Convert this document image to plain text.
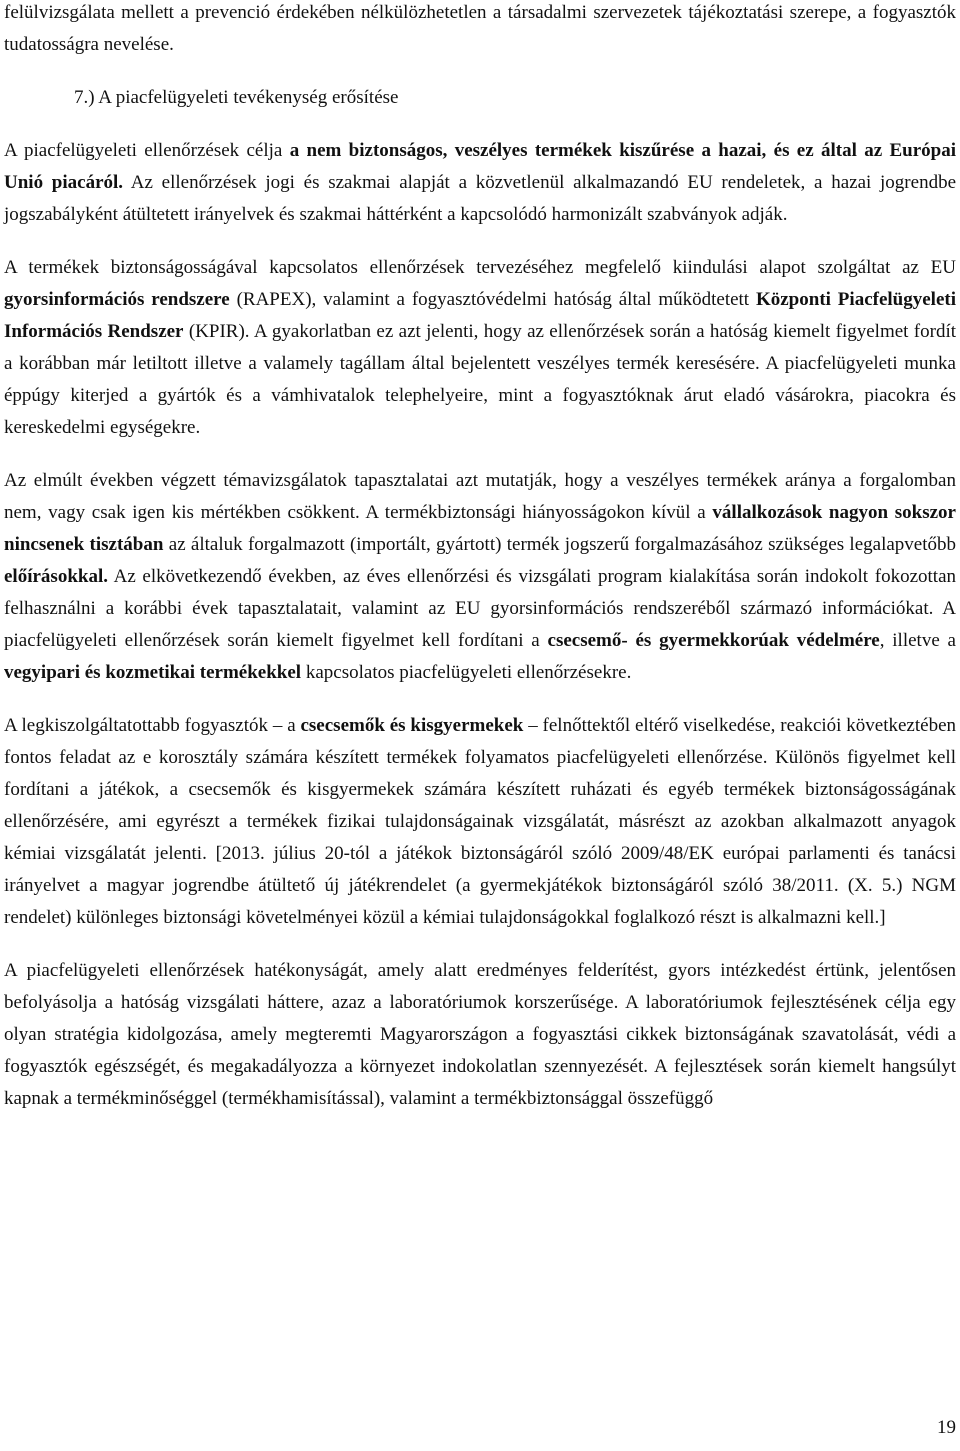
felülvizsgálata mellett a prevenció érdekében nélkülözhetetlen a társadalmi szervezetek tájékoztatási szerepe, a fogyasztók tudatosságra nevelése.

7.) A piacfelügyeleti tevékenység erősítése

A piacfelügyeleti ellenőrzések célja a nem biztonságos, veszélyes termékek kiszűrése a hazai, és ez által az Európai Unió piacáról. Az ellenőrzések jogi és szakmai alapját a közvetlenül alkalmazandó EU rendeletek, a hazai jogrendbe jogszabályként átültetett irányelvek és szakmai háttérként a kapcsolódó harmonizált szabványok adják.

A termékek biztonságosságával kapcsolatos ellenőrzések tervezéséhez megfelelő kiindulási alapot szolgáltat az EU gyorsinformációs rendszere (RAPEX), valamint a fogyasztóvédelmi hatóság által működtetett Központi Piacfelügyeleti Információs Rendszer (KPIR). A gyakorlatban ez azt jelenti, hogy az ellenőrzések során a hatóság kiemelt figyelmet fordít a korábban már letiltott illetve a valamely tagállam által bejelentett veszélyes termék keresésére. A piacfelügyeleti munka éppúgy kiterjed a gyártók és a vámhivatalok telephelyeire, mint a fogyasztóknak árut eladó vásárokra, piacokra és kereskedelmi egységekre.

Az elmúlt években végzett témavizsgálatok tapasztalatai azt mutatják, hogy a veszélyes termékek aránya a forgalomban nem, vagy csak igen kis mértékben csökkent. A termékbiztonsági hiányosságokon kívül a vállalkozások nagyon sokszor nincsenek tisztában az általuk forgalmazott (importált, gyártott) termék jogszerű forgalmazásához szükséges legalapvetőbb előírásokkal. Az elkövetkezendő években, az éves ellenőrzési és vizsgálati program kialakítása során indokolt fokozottan felhasználni a korábbi évek tapasztalatait, valamint az EU gyorsinformációs rendszeréből származó információkat. A piacfelügyeleti ellenőrzések során kiemelt figyelmet kell fordítani a csecsemő- és gyermekkorúak védelmére, illetve a vegyipari és kozmetikai termékekkel kapcsolatos piacfelügyeleti ellenőrzésekre.

A legkiszolgáltatottabb fogyasztók – a csecsemők és kisgyermekek – felnőttektől eltérő viselkedése, reakciói következtében fontos feladat az e korosztály számára készített termékek folyamatos piacfelügyeleti ellenőrzése. Különös figyelmet kell fordítani a játékok, a csecsemők és kisgyermekek számára készített ruházati és egyéb termékek biztonságosságának ellenőrzésére, ami egyrészt a termékek fizikai tulajdonságainak vizsgálatát, másrészt az azokban alkalmazott anyagok kémiai vizsgálatát jelenti. [2013. július 20-tól a játékok biztonságáról szóló 2009/48/EK európai parlamenti és tanácsi irányelvet a magyar jogrendbe átültető új játékrendelet (a gyermekjátékok biztonságáról szóló 38/2011. (X. 5.) NGM rendelet) különleges biztonsági követelményei közül a kémiai tulajdonságokkal foglalkozó részt is alkalmazni kell.]

A piacfelügyeleti ellenőrzések hatékonyságát, amely alatt eredményes felderítést, gyors intézkedést értünk, jelentősen befolyásolja a hatóság vizsgálati háttere, azaz a laboratóriumok korszerűsége. A laboratóriumok fejlesztésének célja egy olyan stratégia kidolgozása, amely megteremti Magyarországon a fogyasztási cikkek biztonságának szavatolását, védi a fogyasztók egészségét, és megakadályozza a környezet indokolatlan szennyezését. A fejlesztések során kiemelt hangsúlyt kapnak a termékminőséggel (termékhamisítással), valamint a termékbiztonsággal összefüggő

19
